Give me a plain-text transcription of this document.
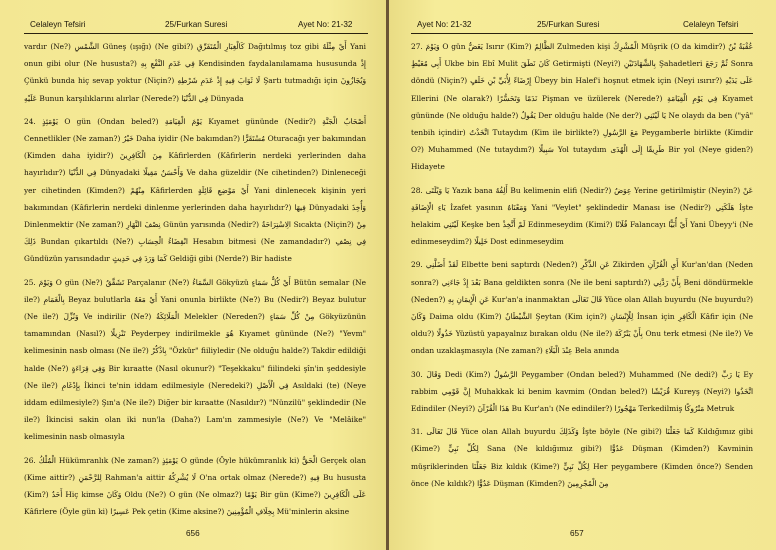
Celaleyn Tefsiri	25/Furkan Suresi	Ayet No: 21-32

vardır (Ne?) الشَّمْسِ Güneş (ışığı) (Ne gibi?) كَالْغِبَارِ الْمُتَفَرِّقِ Dağıtılmış toz gibi أَيْ مِثْلَهُ Yani onun gibi olur (Ne hususta?) فِي عَدَمِ النَّفْعِ بِهِ Kendisinden faydalanılamama hususunda إِذْ Çünkü bunda hiç sevap yoktur (Niçin?) لَا ثَوَابَ فِيهِ إِذْ عَدَمِ شَرْطِهِ Şartı tutmadığı için وَيُجَازُونَ عَلَيْهِ Bunun karşılıklarını alırlar (Nerede?) فِي الدُّنْيَا Dünyada

24. يَوْمَئِذٍ O gün (Ondan beled?) يَوْمَ الْقِيَامَةِ Kıyamet gününde (Nedir?) أَصْحَابُ الْجَنَّةِ Cennetlikler (Ne zaman?) خَيْرٌ Daha iyidir (Ne bakımdan?) مُسْتَقَرًّا Oturacağı yer bakımından (Kimden daha iyidir?) مِنَ الْكَافِرِينَ Kâfirlerden (Kâfirlerin nerdeki yerlerinden daha hayırlıdır?) فِي الدُّنْيَا Dünyadaki وَأَحْسَنُ مَقِيلًا Ve daha güzeldir (Ne cihetinden?) Dinleneceği yer cihetinden (Kimden?) مِنْهُمْ Kâfirlerden أَيْ مَوْضِعِ قَائِلَةٍ Yani dinlenecek kişinin yeri bakımından (Kâfirlerin nerdeki dinlenme yerlerinden daha hayırlıdır?) فِيهَا Dünyadaki وَأُخِذَ Dinlenmektir (Ne zaman?) نِصْفَ النَّهَارِ Günün yarısında (Nedir?) الِاسْتِرَاحَةُ Sıcakta (Niçin?) مِنْ ذَلِكَ Bundan çıkartıldı (Ne?) انْقِضَاءُ الْحِسَابِ Hesabın bitmesi (Ne zamandadır?) فِي نِصْفِ Gündüzün yarısındadır كَمَا وَرَدَ فِي حَدِيثٍ Geldiği gibi (Nerde?) Bir hadiste

25. وَيَوْمَ O gün (Ne?) تَشَقَّقُ Parçalanır (Ne?) السَّمَاءُ Gökyüzü أَيْ كُلُّ سَمَاءٍ Bütün semalar (Ne ile?) بِالْغَمَامِ Beyaz bulutlarla أَيْ مَعَهُ Yani onunla birlikte (Ne?) Bu (Nedir?) Beyaz bulutur (Ne ile?) وَنُزِّلَ Ve indirilir (Ne?) الْمَلَائِكَةُ Melekler (Nereden?) مِنْ كُلِّ سَمَاءٍ Gökyüzünün tamamından (Nasıl?) تَنْزِيلًا Peyderpey indirilmekle هُوَ Kıyamet gününde (Ne?) "Yevm" kelimesinin nasb olması (Ne ile?) بِاذْكُرْ "Özkür" fiiliyledir (Ne olduğu halde?) Takdir edildiği halde (Ne?) وَفِي قِرَاءَةٍ Bir kıraatte (Nasıl okunur?) "Teşekkaku" fiilindeki şîn'in şeddesiyle (Ne ile?) بِإِدْغَامِ İkinci te'nin iddam edilmesiyle (Neredeki?) فِي الْأَصْلِ Asıldaki (te) (Neye iddam edilmesiyle?) Şın'a (Ne ile?) Diğer bir kıraatte (Nasıldır?) "Nünzilü" şeklindedir (Ne ile?) İkincisi sakin olan iki nun'la (Daha?) Lam'ın zammesiyle (Ne?) Ve "Melâike" kelimesinin nasb olmasıyla

26. الْمُلْكُ Hükümranlık (Ne zaman?) يَوْمَئِذٍ O günde (Öyle hükümranlık ki) الْحَقُّ Gerçek olan (Kime aittir?) لِلرَّحْمَنِ Rahman'a aittir لَا يُشْرِكُهُ O'na ortak olmaz (Nerede?) فِيهِ Bu hususta (Kim?) أَحَدٌ Hiç kimse وَكَانَ Oldu (Ne?) O gün (Ne olmaz?) يَوْمًا Bir gün (Kime?) عَلَى الْكَافِرِينَ Kâfirlere (Öyle gün ki) عَسِيرًا Pek çetin (Kime aksine?) بِخِلَافِ الْمُؤْمِنِينَ Mü'minlerin aksine

656
Ayet No: 21-32	25/Furkan Suresi	Celaleyn Tefsiri

27. وَيَوْمَ O gün يَعَضُّ Isırır (Kim?) الظَّالِمُ Zulmeden kişi الْمُشْرِكُ Müşrik (O da kimdir?) عُقْبَةُ بْنُ أَبِي مُعَيْطٍ Ukbe bin Ebî Mulit كَانَ نَطَقَ Getirmişti (Neyi?) بِالشَّهَادَتَيْنِ Şahadetleri ثُمَّ رَجَعَ Sonra döndü (Niçin?) إِرْضَاءً لِأُبَيِّ بْنِ خَلَفٍ Übeyy bin Halef'i hoşnut etmek için (Neyi ısırır?) عَلَى يَدَيْهِ Ellerini (Ne olarak?) نَدَمًا وَتَحَسُّرًا Pişman ve üzülerek (Nerede?) فِي يَوْمِ الْقِيَامَةِ Kıyamet gününde (Ne olduğu halde?) يَقُولُ Der olduğu halde (Ne der?) يَا لَيْتَنِي Ne olaydı da ben ("yâ" tenbih içindir) اتَّخَذْتُ Tutaydım (Kim ile birlikte?) مَعَ الرَّسُولِ Peygamberle birlikte (Kimdir O?) Muhammed (Ne tutaydım?) سَبِيلًا Yol tutaydım طَرِيقًا إِلَى الْهُدَى Bir yol (Neye giden?) Hidayete

28. يَا وَيْلَتَى Yazık bana أَلِفُهُ Bu kelimenin elifi (Nedir?) عِوَضٌ Yerine getirilmiştir (Neyin?) عَنْ يَاءِ الْإِضَافَةِ İzafet yasının وَمَعْنَاهُ Yani "Veylet" şeklindedir Manası ise (Nedir?) هَلَكَتِي İşte helakim لَيْتَنِي Keşke ben لَمْ أَتَّخِذْ Edinmeseydim (Kimi?) فُلَانًا Falancayı أَيْ أُبَيًّا Yani Übeyy'i (Ne edinmeseydim?) خَلِيلًا Dost edinmeseydim

29. لَقَدْ أَضَلَّنِي Elbette beni saptırdı (Neden?) عَنِ الذِّكْرِ Zikirden أَيِ الْقُرْآنِ Kur'an'dan (Neden sonra?) بَعْدَ إِذْ جَاءَنِي Bana geldikten sonra (Ne ile beni saptırdı?) بِأَنْ رَدَّنِي Beni döndürmekle (Neden?) عَنِ الْإِيمَانِ بِهِ Kur'an'a inanmaktan قَالَ تَعَالَى Yüce olan Allah buyurdu (Ne buyurdu?) وَكَانَ Daima oldu (Kim?) الشَّيْطَانُ Şeytan (Kim için?) لِلْإِنْسَانِ İnsan için الْكَافِرِ Kâfir için (Ne oldu?) خَذُولًا Yüzüstü yapayalnız bırakan oldu (Ne ile?) بِأَنْ يَتْرُكَهُ Onu terk etmesi (Ne ile?) Ve ondan uzaklaşmasıyla (Ne zaman?) عِنْدَ الْبَلَاءِ Bela anında

30. وَقَالَ Dedi (Kim?) الرَّسُولُ Peygamber (Ondan beled?) Muhammed (Ne dedi?) يَا رَبِّ Ey rabbim إِنَّ قَوْمِي Muhakkak ki benim kavmim (Ondan beled?) قُرَيْشًا Kureyş (Neyi?) اتَّخَذُوا Edindiler (Neyi?) هَذَا الْقُرْآنَ Bu Kur'an'ı (Ne edindiler?) مَهْجُورًا Terkedilmiş مَتْرُوكًا Metruk

31. قَالَ تَعَالَى Yüce olan Allah buyurdu وَكَذَلِكَ İşte böyle (Ne gibi?) كَمَا جَعَلْنَا Kıldığımız gibi (Kime?) لِكُلِّ نَبِيٍّ Sana (Ne kıldığımız gibi?) عَدُوًّا Düşman (Kimden?) Kavminin müşriklerinden جَعَلْنَا Biz kıldık (Kime?) لِكُلِّ نَبِيٍّ Her peygambere (Kimden önce?) Senden önce (Ne kıldık?) عَدُوًّا Düşman (Kimden?) مِنَ الْمُجْرِمِينَ

657
